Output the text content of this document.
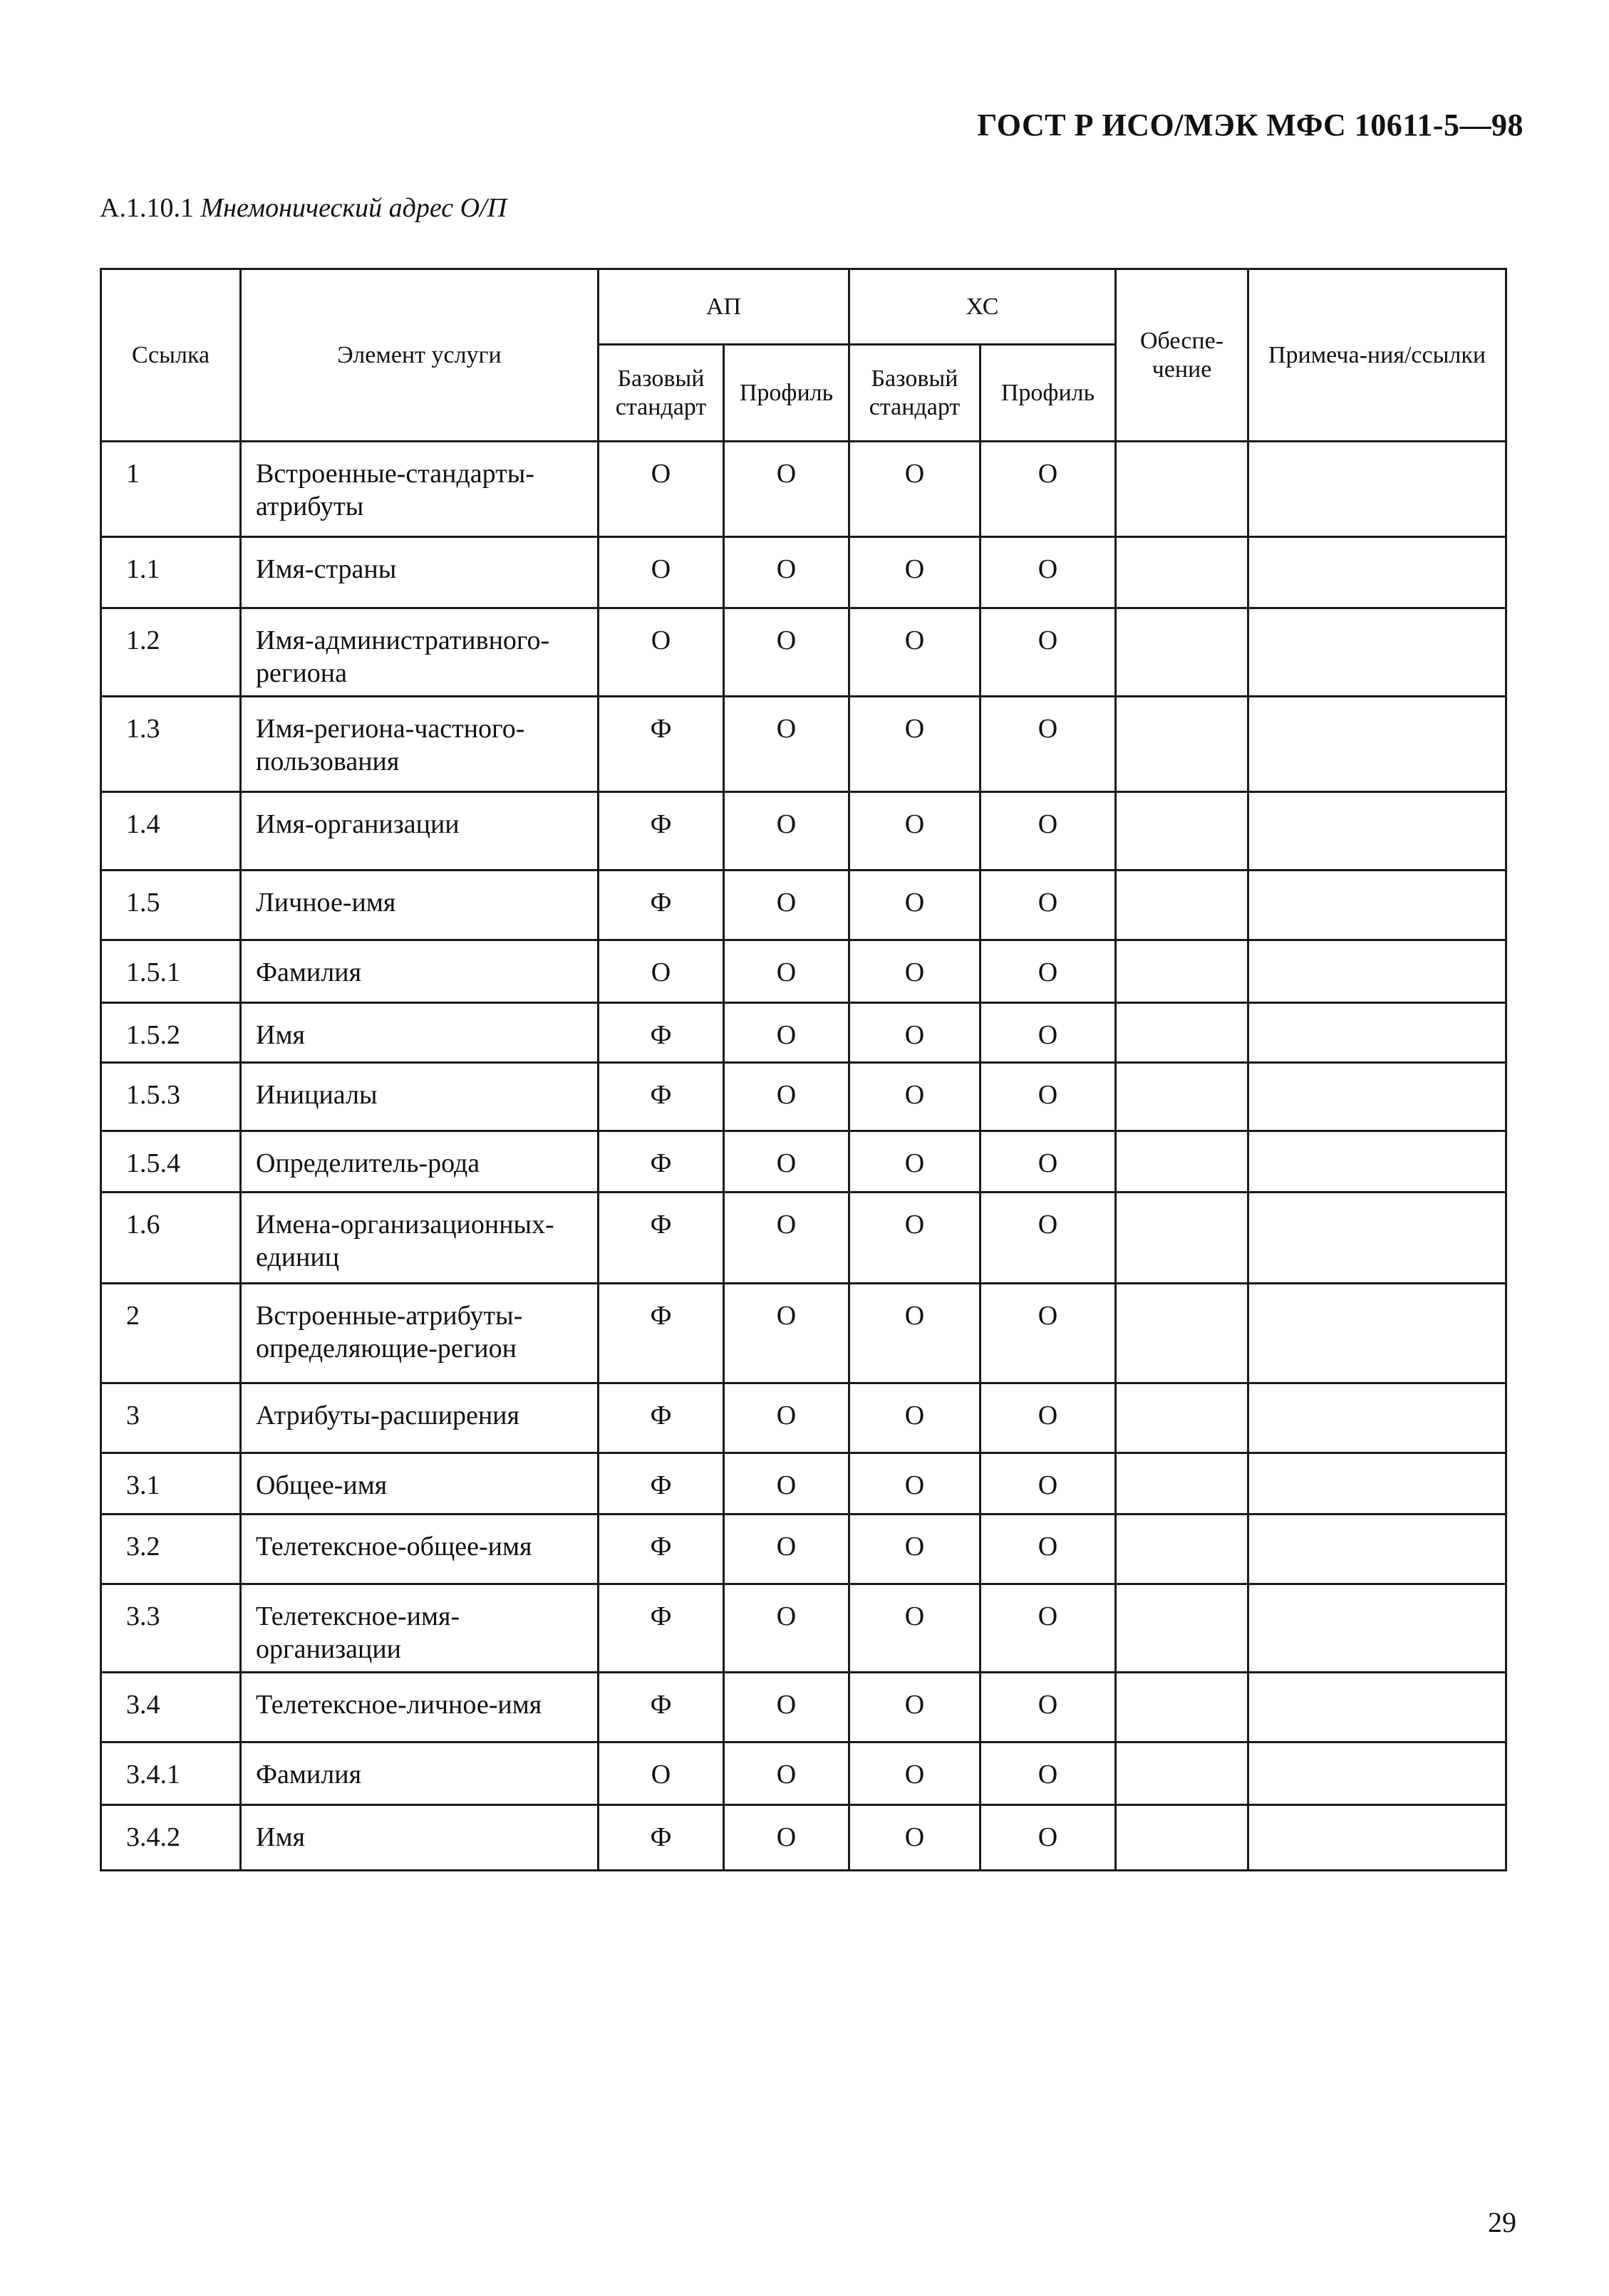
ГОСТ Р ИСО/МЭК МФС 10611-5—98
А.1.10.1 Мнемонический адрес О/П
Ссылка	Элемент услуги	АП		ХС		Обеспе-чение	Примеча-ния/ссылки
		Базовый стандарт	Профиль	Базовый стандарт	Профиль		
1	Встроенные-стандарты-атрибуты	О	О	О	О		
1.1	Имя-страны	О	О	О	О		
1.2	Имя-административного-региона	О	О	О	О		
1.3	Имя-региона-частного-пользования	Ф	О	О	О		
1.4	Имя-организации	Ф	О	О	О		
1.5	Личное-имя	Ф	О	О	О		
1.5.1	Фамилия	О	О	О	О		
1.5.2	Имя	Ф	О	О	О		
1.5.3	Инициалы	Ф	О	О	О		
1.5.4	Определитель-рода	Ф	О	О	О		
1.6	Имена-организационных-единиц	Ф	О	О	О		
2	Встроенные-атрибуты-определяющие-регион	Ф	О	О	О		
3	Атрибуты-расширения	Ф	О	О	О		
3.1	Общее-имя	Ф	О	О	О		
3.2	Телетексное-общее-имя	Ф	О	О	О		
3.3	Телетексное-имя-организации	Ф	О	О	О		
3.4	Телетексное-личное-имя	Ф	О	О	О		
3.4.1	Фамилия	О	О	О	О		
3.4.2	Имя	Ф	О	О	О		
29
